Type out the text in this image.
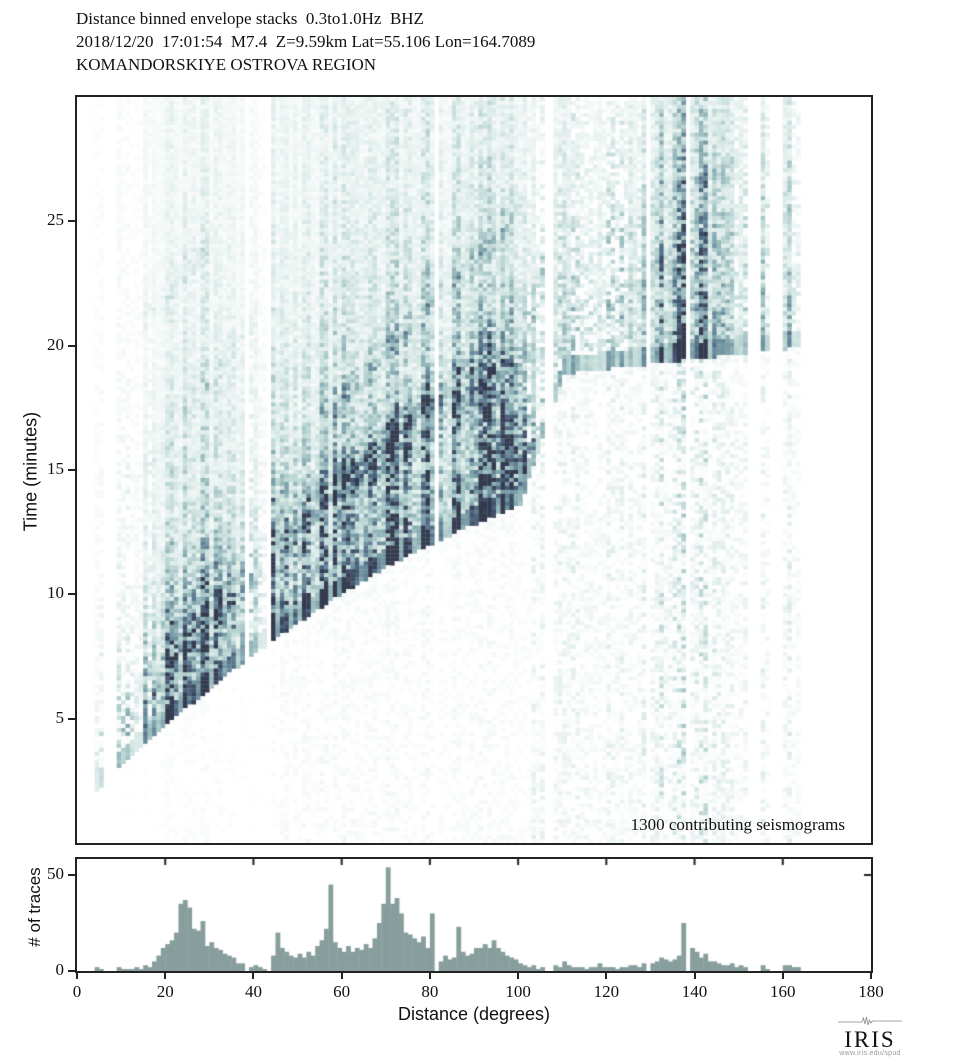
Distance binned envelope stacks  0.3to1.0Hz  BHZ
2018/12/20  17:01:54  M7.4  Z=9.59km Lat=55.106 Lon=164.7089
KOMANDORSKIYE OSTROVA REGION
Time (minutes)
1300 contributing seismograms
# of traces
Distance (degrees)
IRIS
www.iris.edu/spud
5
10
15
20
25
0
50
0	20	40	60	80	100	120	140	160	180
